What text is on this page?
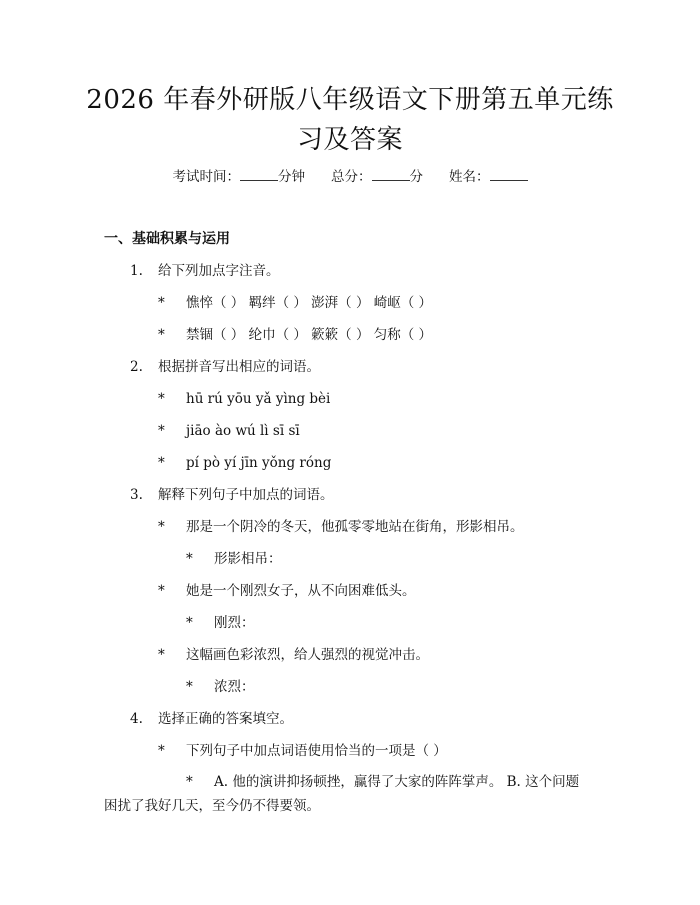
2026 年春外研版八年级语文下册第五单元练
习及答案
考试时间：	分钟 总分：	分 姓名：
一、基础积累与运用
1. 给下列加点字注音。
* 憔悴（ ） 羁绊（ ） 澎湃（ ） 崎岖（ ）
* 禁锢（ ） 纶巾（ ） 簌簌（ ） 匀称（ ）
2. 根据拼音写出相应的词语。
* hū rú yōu yǎ yìng bèi
* jiāo ào wú lì sī sī
* pí pò yí jīn yǒng róng
3. 解释下列句子中加点的词语。
* 那是一个阴冷的冬天，他孤零零地站在街角，形影相吊。
* 形影相吊：
* 她是一个刚烈女子，从不向困难低头。
* 刚烈：
* 这幅画色彩浓烈，给人强烈的视觉冲击。
* 浓烈：
4. 选择正确的答案填空。
* 下列句子中加点词语使用恰当的一项是（ ）
* A. 他的演讲抑扬顿挫，赢得了大家的阵阵掌声。 B. 这个问题
困扰了我好几天，至今仍不得要领。
